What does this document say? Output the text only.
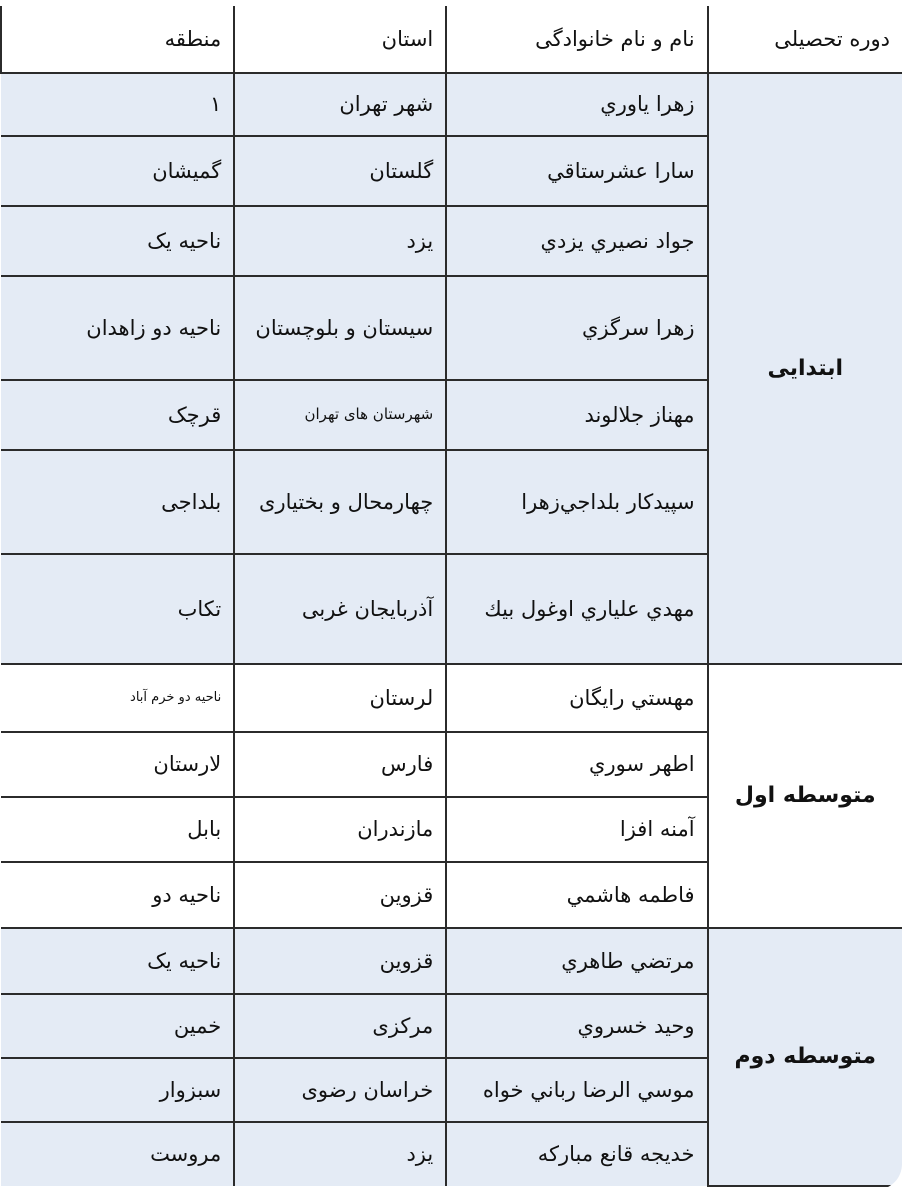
دوره تحصیلی	نام و نام خانوادگی	استان	منطقه
ابتدایی	زهرا ياوري	شهر تهران	۱
	سارا عشرستاقي	گلستان	گمیشان
	جواد نصيري يزدي	یزد	ناحیه یک
	زهرا سرگزي	سیستان و بلوچستان	ناحیه دو زاهدان
	مهناز جلالوند	شهرستان های تهران	قرچک
	سپيدكار بلداجي‌زهرا	چهارمحال و بختیاری	بلداجی
	مهدي علياري اوغول بيك	آذربایجان غربی	تکاب
متوسطه اول	مهستي رايگان	لرستان	ناحیه دو خرم آباد
	اطهر سوري	فارس	لارستان
	آمنه افزا	مازندران	بابل
	فاطمه هاشمي	قزوین	ناحیه دو
متوسطه دوم	مرتضي طاهري	قزوین	ناحیه یک
	وحيد خسروي	مرکزی	خمین
	موسي الرضا رباني خواه	خراسان رضوی	سبزوار
	خديجه قانع مباركه	یزد	مروست
